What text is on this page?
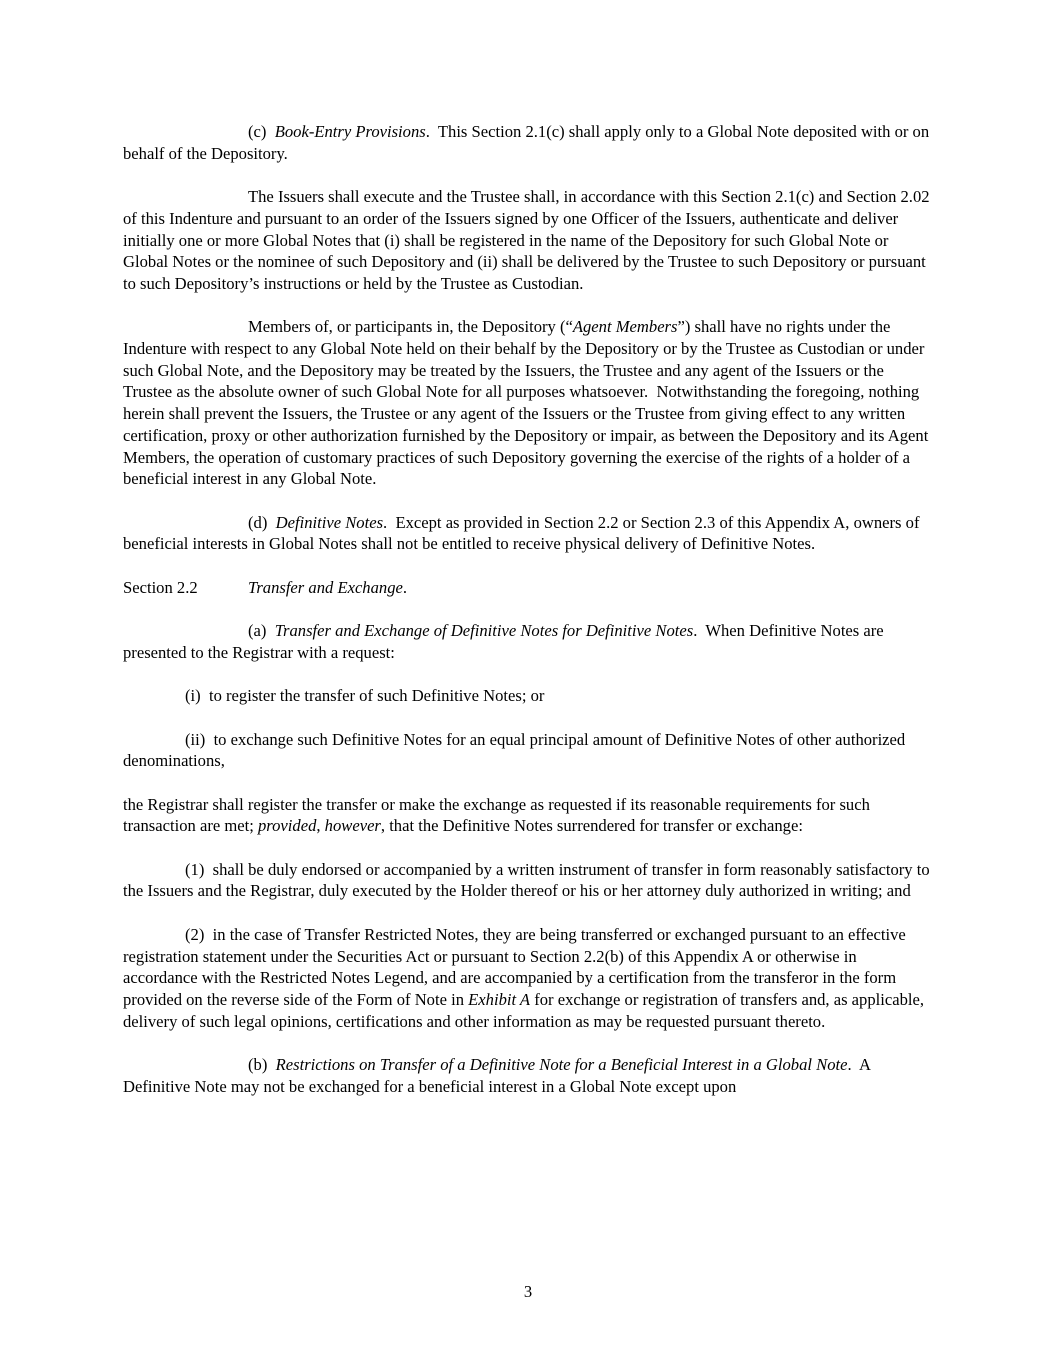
(c)  Book-Entry Provisions.  This Section 2.1(c) shall apply only to a Global Note deposited with or on behalf of the Depository.

The Issuers shall execute and the Trustee shall, in accordance with this Section 2.1(c) and Section 2.02 of this Indenture and pursuant to an order of the Issuers signed by one Officer of the Issuers, authenticate and deliver initially one or more Global Notes that (i) shall be registered in the name of the Depository for such Global Note or Global Notes or the nominee of such Depository and (ii) shall be delivered by the Trustee to such Depository or pursuant to such Depository’s instructions or held by the Trustee as Custodian.

Members of, or participants in, the Depository (“Agent Members”) shall have no rights under the Indenture with respect to any Global Note held on their behalf by the Depository or by the Trustee as Custodian or under such Global Note, and the Depository may be treated by the Issuers, the Trustee and any agent of the Issuers or the Trustee as the absolute owner of such Global Note for all purposes whatsoever.  Notwithstanding the foregoing, nothing herein shall prevent the Issuers, the Trustee or any agent of the Issuers or the Trustee from giving effect to any written certification, proxy or other authorization furnished by the Depository or impair, as between the Depository and its Agent Members, the operation of customary practices of such Depository governing the exercise of the rights of a holder of a beneficial interest in any Global Note.

(d)  Definitive Notes.  Except as provided in Section 2.2 or Section 2.3 of this Appendix A, owners of beneficial interests in Global Notes shall not be entitled to receive physical delivery of Definitive Notes.

Section 2.2	Transfer and Exchange.

(a)  Transfer and Exchange of Definitive Notes for Definitive Notes.  When Definitive Notes are presented to the Registrar with a request:

(i)  to register the transfer of such Definitive Notes; or

(ii)  to exchange such Definitive Notes for an equal principal amount of Definitive Notes of other authorized denominations,

the Registrar shall register the transfer or make the exchange as requested if its reasonable requirements for such transaction are met; provided, however, that the Definitive Notes surrendered for transfer or exchange:

(1)  shall be duly endorsed or accompanied by a written instrument of transfer in form reasonably satisfactory to the Issuers and the Registrar, duly executed by the Holder thereof or his or her attorney duly authorized in writing; and

(2)  in the case of Transfer Restricted Notes, they are being transferred or exchanged pursuant to an effective registration statement under the Securities Act or pursuant to Section 2.2(b) of this Appendix A or otherwise in accordance with the Restricted Notes Legend, and are accompanied by a certification from the transferor in the form provided on the reverse side of the Form of Note in Exhibit A for exchange or registration of transfers and, as applicable, delivery of such legal opinions, certifications and other information as may be requested pursuant thereto.

(b)  Restrictions on Transfer of a Definitive Note for a Beneficial Interest in a Global Note.  A Definitive Note may not be exchanged for a beneficial interest in a Global Note except upon

3
